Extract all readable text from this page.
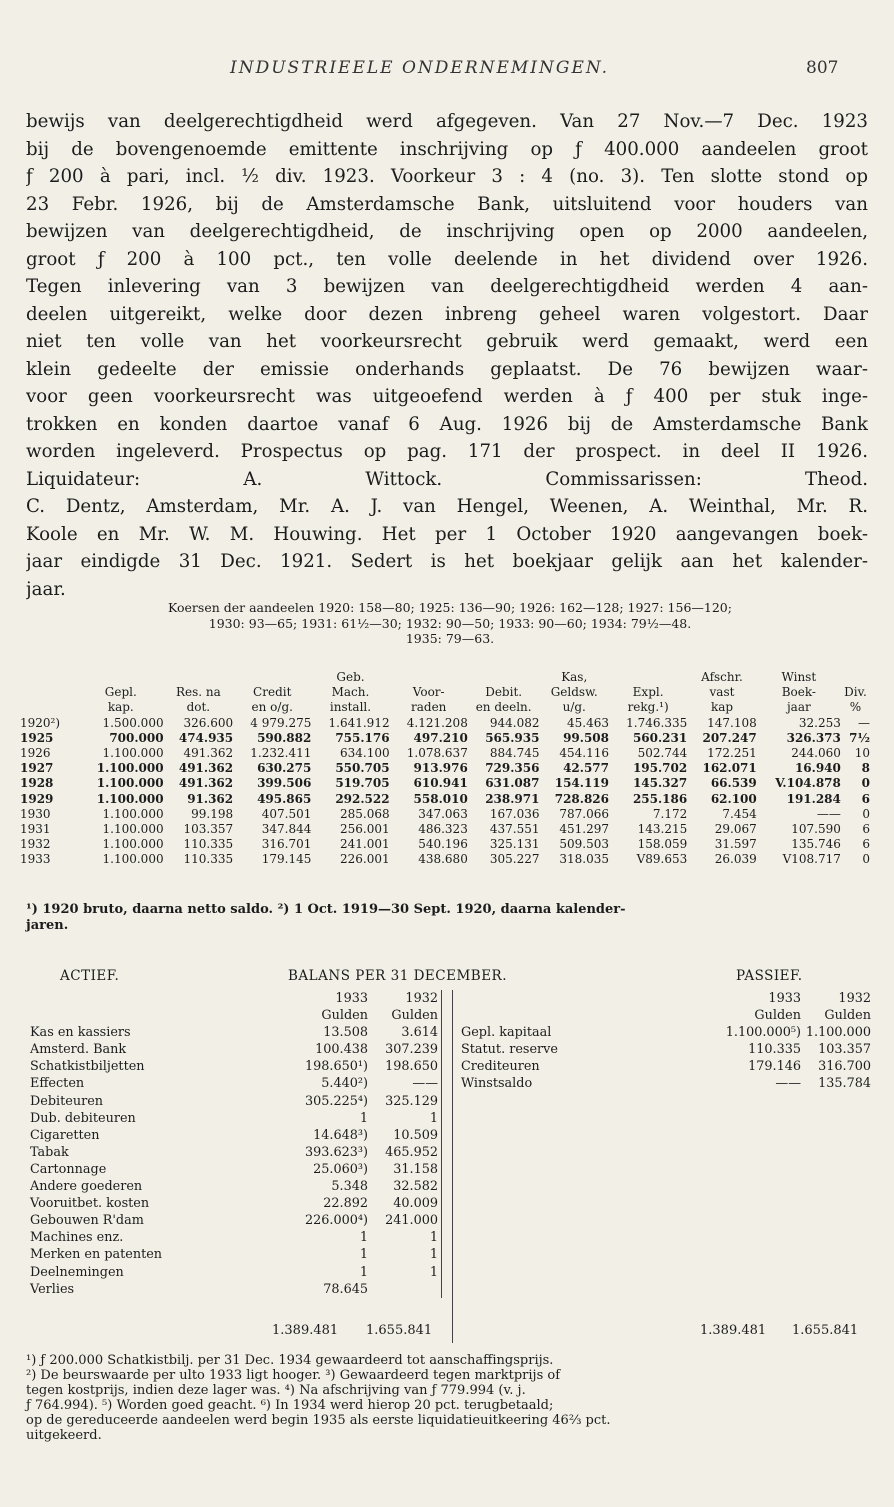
INDUSTRIEELE ONDERNEMINGEN.	807
bewijs van deelgerechtigdheid werd afgegeven. Van 27 Nov.—7 Dec. 1923
bij de bovengenoemde emittente inschrijving op ƒ 400.000 aandeelen groot
ƒ 200 à pari, incl. ½ div. 1923. Voorkeur 3 : 4 (no. 3). Ten slotte stond op
23 Febr. 1926, bij de Amsterdamsche Bank, uitsluitend voor houders van
bewijzen van deelgerechtigdheid, de inschrijving open op 2000 aandeelen,
groot ƒ 200 à 100 pct., ten volle deelende in het dividend over 1926.
Tegen inlevering van 3 bewijzen van deelgerechtigdheid werden 4 aan-
deelen uitgereikt, welke door dezen inbreng geheel waren volgestort. Daar
niet ten volle van het voorkeursrecht gebruik werd gemaakt, werd een
klein gedeelte der emissie onderhands geplaatst. De 76 bewijzen waar-
voor geen voorkeursrecht was uitgeoefend werden à ƒ 400 per stuk inge-
trokken en konden daartoe vanaf 6 Aug. 1926 bij de Amsterdamsche Bank
worden ingeleverd. Prospectus op pag. 171 der prospect. in deel II 1926.
Liquidateur: A. Wittock. Commissarissen: Theod.
C. Dentz, Amsterdam, Mr. A. J. van Hengel, Weenen, A. Weinthal, Mr. R.
Koole en Mr. W. M. Houwing. Het per 1 October 1920 aangevangen boek-
jaar eindigde 31 Dec. 1921. Sedert is het boekjaar gelijk aan het kalender-
jaar.
Koersen der aandeelen 1920: 158—80; 1925: 136—90; 1926: 162—128; 1927: 156—120;
1930: 93—65; 1931: 61½—30; 1932: 90—50; 1933: 90—60; 1934: 79½—48.
1935: 79—63.
				Geb.			Kas,		Afschr.	Winst	
	Gepl.	Res. na	Credit	Mach.	Voor-	Debit.	Geldsw.	Expl.	vast	Boek-	Div.
	kap.	dot.	en o/g.	install.	raden	en deeln.	u/g.	rekg.¹)	kap	jaar	%
1920²)	1.500.000	326.600	4 979.275	1.641.912	4.121.208	944.082	45.463	1.746.335	147.108	32.253	—
1925	700.000	474.935	590.882	755.176	497.210	565.935	99.508	560.231	207.247	326.373	7½
1926	1.100.000	491.362	1.232.411	634.100	1.078.637	884.745	454.116	502.744	172.251	244.060	10
1927	1.100.000	491.362	630.275	550.705	913.976	729.356	42.577	195.702	162.071	16.940	8
1928	1.100.000	491.362	399.506	519.705	610.941	631.087	154.119	145.327	66.539	V.104.878	0
1929	1.100.000	91.362	495.865	292.522	558.010	238.971	728.826	255.186	62.100	191.284	6
1930	1.100.000	99.198	407.501	285.068	347.063	167.036	787.066	7.172	7.454	——	0
1931	1.100.000	103.357	347.844	256.001	486.323	437.551	451.297	143.215	29.067	107.590	6
1932	1.100.000	110.335	316.701	241.001	540.196	325.131	509.503	158.059	31.597	135.746	6
1933	1.100.000	110.335	179.145	226.001	438.680	305.227	318.035	V89.653	26.039	V108.717	0
¹) 1920 bruto, daarna netto saldo. ²) 1 Oct. 1919—30 Sept. 1920, daarna kalender-
jaren.
ACTIEF.	BALANS PER 31 DECEMBER.	PASSIEF.
	1933	1932
	Gulden	Gulden
Kas en kassiers	13.508	3.614
Amsterd. Bank	100.438	307.239
Schatkistbiljetten	198.650¹)	198.650
Effecten	5.440²)	——
Debiteuren	305.225⁴)	325.129
Dub. debiteuren	1	1
Cigaretten	14.648³)	10.509
Tabak	393.623³)	465.952
Cartonnage	25.060³)	31.158
Andere goederen	5.348	32.582
Vooruitbet. kosten	22.892	40.009
Gebouwen R'dam	226.000⁴)	241.000
Machines enz.	1	1
Merken en patenten	1	1
Deelnemingen	1	1
Verlies	78.645	
	1933	1932
	Gulden	Gulden
Gepl. kapitaal	1.100.000⁵)	1.100.000
Statut. reserve	110.335	103.357
Crediteuren	179.146	316.700
Winstsaldo	——	135.784
1.389.481 1.655.841	1.389.481 1.655.841
¹) ƒ 200.000 Schatkistbilj. per 31 Dec. 1934 gewaardeerd tot aanschaffingsprijs.
²) De beurswaarde per ulto 1933 ligt hooger. ³) Gewaardeerd tegen marktprijs of
tegen kostprijs, indien deze lager was. ⁴) Na afschrijving van ƒ 779.994 (v. j.
ƒ 764.994). ⁵) Worden goed geacht. ⁶) In 1934 werd hierop 20 pct. terugbetaald;
op de gereduceerde aandeelen werd begin 1935 als eerste liquidatieuitkeering 46⅔ pct.
uitgekeerd.
